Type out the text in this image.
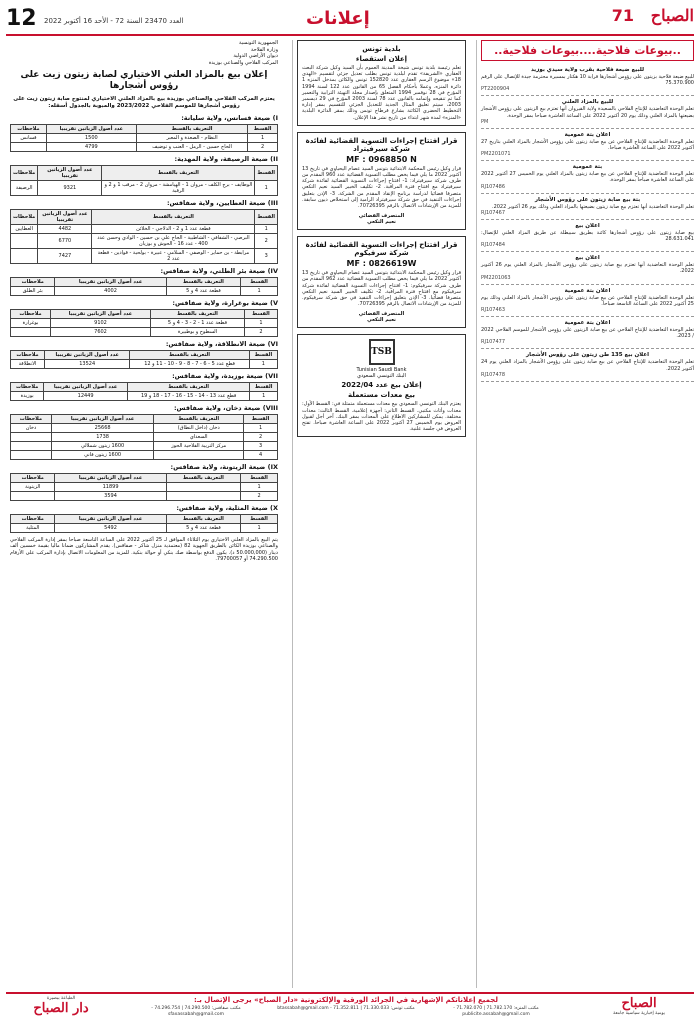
12 العدد 23470 السنة 72 - الأحد 16 أكتوبر 2022	إعلانات	71 الصباح
..بيوعات فلاحية....بيوعات فلاحية..
للبيع ضيعة فلاحية بقرب ولاية سيدي بوزيد
للبيع ضيعة فلاحية بزيتون على رؤوس أشجارها قرابة 10 هكتار بمسيرة محترمة جيدة للإتصال على الرقم 75.370.900
PT2200904
للبيع بالمزاد العلني
تعلم الوحدة التعاضدية للإنتاج الفلاحي بالسعيدة ولاية القيروان أنها تعتزم بيع الزيتون على رؤوس الأشجار بضيعتها بالمزاد العلني وذلك يوم 20 أكتوبر 2022 على الساعة العاشرة صباحا بمقر الوحدة.
PM
اعلان بتة عمومية
تعلم الوحدة التعاضدية للإنتاج الفلاحي عن بيع صابة زيتون على رؤوس الأشجار بالمزاد العلني بتاريخ 27 أكتوبر 2022 على الساعة العاشرة صباحا.
PM2201071
بتة عمومية
تعلم الوحدة التعاضدية للإنتاج الفلاحي عن بيع صابة زيتون بالمزاد العلني يوم الخميس 27 أكتوبر 2022 على الساعة العاشرة صباحا بمقر الوحدة.
RJ107486
بتة بيع صابة زيتون على رؤوس الأشجار
تعلم الوحدة التعاضدية أنها تعتزم بيع صابة زيتون بضيعتها بالمزاد العلني وذلك يوم 26 أكتوبر 2022.
RJ107467
اعلان بيع
بيع صابة زيتون على رؤوس أشجارها كائنة بطريق سبيطلة عن طريق المزاد العلني للإتصال: 28.631.041
RJ107484
اعلان بيع
تعلم الوحدة التعاضدية أنها تعتزم بيع صابة زيتون على رؤوس الأشجار بالمزاد العلني يوم 26 أكتوبر 2022.
PM2201063
اعلان بتة عمومية
تعلم الوحدة التعاضدية للإنتاج الفلاحي عن بيع صابة زيتون على رؤوس الأشجار بالمزاد العلني وذلك يوم 25 أكتوبر 2022 على الساعة التاسعة صباحا.
RJ107463
اعلان بتة عمومية
تعلم الوحدة التعاضدية للإنتاج الفلاحي عن بيع صابة الزيتون على رؤوس الأشجار للموسم الفلاحي 2022 / 2023.
RJ107477
اعلان بيع 135 طن زيتون على رؤوس الأشجار
تعلم الوحدة التعاضدية للإنتاج الفلاحي عن بيع صابة زيتون على رؤوس الأشجار بالمزاد العلني يوم 24 أكتوبر 2022.
RJ107478
بلدية تونس
إعلان استقصاء
تعلم رئيسة بلدية تونس شيخة المدينة العموم بأن السيد وكيل شركة البعث العقاري «الشريفة» تقدم لبلدية تونس بطلب تعديل جزئي لتقسيم «الهدى 18» موضوع الرسم العقاري عدد 152820 تونس والكائن بمدخل المنزه 1 دائرة المنزه. وعملا بأحكام الفصل 65 من القانون عدد 122 لسنة 1994 المؤرخ في 28 نوفمبر 1994 المتعلق بإصدار مجلة التهيئة الترابية والتعمير كما تم تنقيحه وإتمامه بالقانون عدد 78 لسنة 2003 المؤرخ في 29 ديسمبر 2003، سيتم تعليق المثال الجديد للتعديل الجزئي للتقسيم بمقر إدارة التخطيط الحضري الكائنة بشارع قرطاج تونس وذلك بمقر الدائرة البلدية «المنزه» لمدة شهر ابتداء من تاريخ نشر هذا الإعلان.
قرار افتتاح إجراءات التسوية القضائية لفائدة شركة سيرفيتراد
MF : 0968850 N
قرار وكيل رئيس المحكمة الابتدائية بتونس السيد عصام اليحياوي في تاريخ 13 أكتوبر 2022 ما يلي فيما يخص مطلب التسوية القضائية عدد 960 المقدم من طرف شركة سيرفيتراد: 1- افتتاح إجراءات التسوية القضائية لفائدة شركة سيرفيتراد مع افتتاح فترة المراقبة. 2- تكليف الخبير السيد نعيم التكعي متصرفا قضائيا لدراسة برنامج الإنقاذ المقدم من الشركة. 3- الإذن بتعليق إجراءات التنفيذ في حق شركة سيرفيتراد الرامية إلى استخلاص ديون سابقة. للمزيد من الإرشادات الاتصال بالرقم 70726395.
المتصرف القضائي
نعيم التكعي
قرار افتتاح إجراءات التسوية القضائية لفائدة شركة سرفيكوم
MF : 0826619W
قرار وكيل رئيس المحكمة الابتدائية بتونس السيد عصام اليحياوي في تاريخ 13 أكتوبر 2022 ما يلي فيما يخص مطلب التسوية القضائية عدد 962 المقدم من طرف شركة سرفيكوم: 1- افتتاح إجراءات التسوية القضائية لفائدة شركة سرفيكوم مع افتتاح فترة المراقبة. 2- تكليف الخبير السيد نعيم التكعي متصرفا قضائيا. 3- الإذن بتعليق إجراءات التنفيذ في حق شركة سرفيكوم. للمزيد من الإرشادات الاتصال بالرقم 70726395.
المتصرف القضائي
نعيم التكعي
TSB
Tunisian Saudi Bank
البنك التونسي السعودي
إعلان بيع عدد 2022/04
بيع معدات مستعملة
يعتزم البنك التونسي السعودي بيع معدات مستعملة متمثلة في: القسط الأول: معدات وأثاث مكتبي. القسط الثاني: أجهزة إعلامية. القسط الثالث: معدات مختلفة. يمكن للمشاركين الاطلاع على المعدات بمقر البنك. آخر أجل لقبول العروض يوم الخميس 27 أكتوبر 2022 على الساعة العاشرة صباحا. تفتح العروض في جلسة علنية.
الجمهورية التونسية
وزارة الفلاحة
ديوان الأراضي الدولية
المركب الفلاحي والصناعي بوزيدة
إعلان بيع بالمزاد العلني الاختياري لصابة زيتون زيت على رؤوس أشجارها
يعتزم المركب الفلاحي والصناعي بوزيدة بيع بالمزاد العلني الاختياري لمنتوج صابة زيتون زيت على رؤوس أشجارها للموسم الفلاحي 2023/2022 والمبوبة بالجدول أسفله:
I) ضيعة قسانس، ولاية سليانة:
القسط	التعريف بالقسط	عدد أصول الزياتين تقريبيا	ملاحظات
1	النظام - الصعدة و المعبر	1500	قسانس
2	الحاج حسين - الرمل - العنب و توضيف	4799	
II) ضيعة الرصيفة، ولاية المهدية:
القسط	التعريف بالقسط	عدد أصول الزياتين تقريبيا	ملاحظات
1	الوطايف - برج الكلف - مروان 1 - الهيامشة - مروان 2 - مرقب 1 و 2 و الرقبة	9321	الرصيفة
III) ضيعة العطايين، ولاية صفاقس:
القسط	التعريف بالقسط	عدد أصول الزياتين تقريبيا	ملاحظات
1	قطعة عدد 1 و 2 - الدلاجي - الخلائن	4482	العطايين
2	البرصي - الشفافي - الشاطبية - الحاج علي بن حسين - الوادي وحسن عدد 400 - عدد 16 - الحوش و بوزيان	6770	
3	مرابطة - بن حماير - الوصفي - السلامي - عبيرة - بولحية - قوادين - قطعة عدد 2	7427	
IV) ضيعة بئر الطلتي، ولاية صفاقس:
القسط	التعريف بالقسط	عدد أصول الزياتين تقريبيا	ملاحظات
1	قطعة عدد 4 و 5	4002	بئر الطلق
V) ضيعة بوغرارة، ولاية صفاقس:
القسط	التعريف بالقسط	عدد أصول الزياتين تقريبيا	ملاحظات
1	قطعة عدد 1 - 2 - 3 - 4 و 5	9102	بوغرارة
2	السطوح و بوطبيرة	7602	
VI) ضيعة الانطلاقة، ولاية صفاقس:
القسط	التعريف بالقسط	عدد أصول الزياتين تقريبيا	ملاحظات
1	قطع عدد 5 - 6 - 7 - 8 - 9 - 10 - 11 و 12	13524	الانطلاقة
VII) ضيعة بوزيدة، ولاية صفاقس:
القسط	التعريف بالقسط	عدد أصول الزياتين تقريبيا	ملاحظات
1	قطع عدد 13 - 14 - 15 - 16 - 17 - 18 و 19	12449	بوزيدة
VIII) ضيعة دخان، ولاية صفاقس:
القسط	التعريف بالقسط	عدد أصول الزياتين تقريبيا	ملاحظات
1	دخان (داخل النطاق)	25668	دخان
2	السعداي	1738	
3	مركز التربية الفلاحية الحوز	1600 زيتون شملالي	
4		1600 زيتون فاني	
IX) ضيعة الزيتونة، ولاية صفاقس:
القسط	التعريف بالقسط	عدد أصول الزياتين تقريبيا	ملاحظات
1		11899	الزيتونة
2		3594	
X) ضيعة المثلية، ولاية صفاقس:
القسط	التعريف بالقسط	عدد أصول الزياتين تقريبيا	ملاحظات
1	قطعة عدد 4 و 5	5492	المثلية
يتم البيع بالمزاد العلني الاختياري يوم الثلاثاء الموافق لـ 25 أكتوبر 2022 على الساعة التاسعة صباحا بمقر إدارة المركب الفلاحي والصناعي بوزيدة الكائن بالطريق الجهوية 82 (معتمدية منزل شاكر - صفاقس). يقدم المشاركون ضمانا ماليا بقيمة خمسين ألف دينار (50.000,000 د). يكون الدفع بواسطة صك بنكي أو حوالة بنكية. للمزيد من المعلومات الاتصال بإدارة المركب على الأرقام 74.290.500 أو 79700057.
الصباح
يومية إخبارية سياسية جامعة
لجميع إعلاناتكم الإشهارية في الجرائد الورقية والإلكترونية «دار الصباح» يرجى الإتصال بـ:
مكتب المنزه: 71.782.170 | 71.782.070 - publicite.assabah@gmail.com
مكتب تونس: 71.330.033 | 71.352.811 - btassabah@gmail.com
مكتب صفاقس: 74.290.500 | 74.296.754 - sfaxassabah@gmail.com
الطباعة ببصيرة
دار الصباح
